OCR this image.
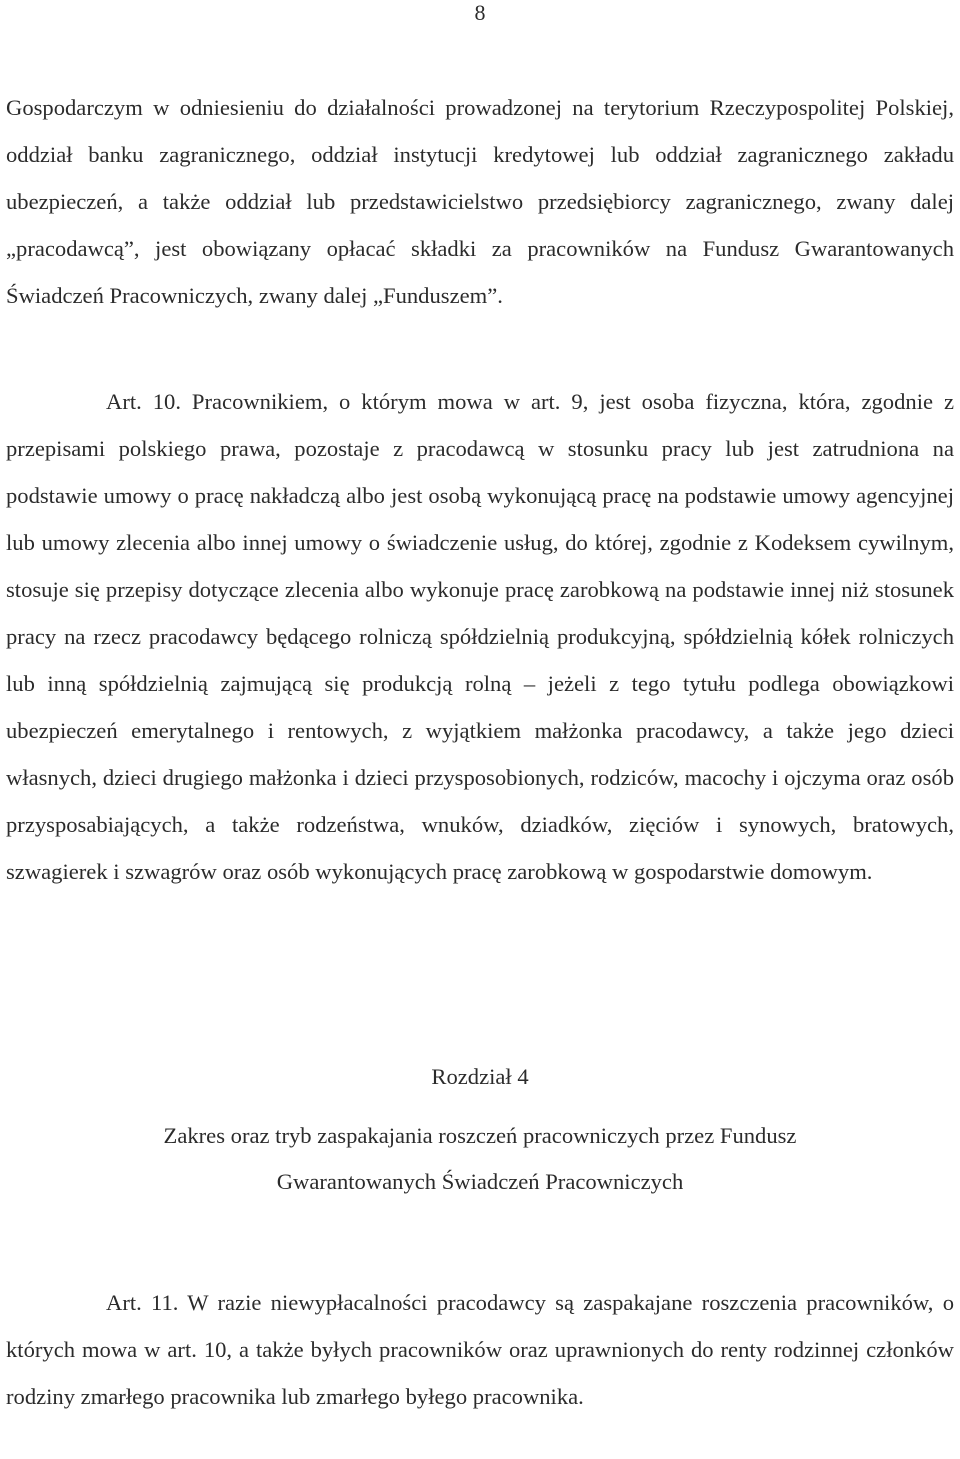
8

Gospodarczym w odniesieniu do działalności prowadzonej na terytorium Rzeczypospolitej Polskiej, oddział banku zagranicznego, oddział instytucji kredytowej lub oddział zagranicznego zakładu ubezpieczeń, a także oddział lub przedstawicielstwo przedsiębiorcy zagranicznego, zwany dalej „pracodawcą”, jest obowiązany opłacać składki za pracowników na Fundusz Gwarantowanych Świadczeń Pracowniczych, zwany dalej „Funduszem”.

Art. 10. Pracownikiem, o którym mowa w art. 9, jest osoba fizyczna, która, zgodnie z przepisami polskiego prawa, pozostaje z pracodawcą w stosunku pracy lub jest zatrudniona na podstawie umowy o pracę nakładczą albo jest osobą wykonującą pracę na podstawie umowy agencyjnej lub umowy zlecenia albo innej umowy o świadczenie usług, do której, zgodnie z Kodeksem cywilnym, stosuje się przepisy dotyczące zlecenia albo wykonuje pracę zarobkową na podstawie innej niż stosunek pracy na rzecz pracodawcy będącego rolniczą spółdzielnią produkcyjną, spółdzielnią kółek rolniczych lub inną spółdzielnią zajmującą się produkcją rolną – jeżeli z tego tytułu podlega obowiązkowi ubezpieczeń emerytalnego i rentowych, z wyjątkiem małżonka pracodawcy, a także jego dzieci własnych, dzieci drugiego małżonka i dzieci przysposobionych, rodziców, macochy i ojczyma oraz osób przysposabiających, a także rodzeństwa, wnuków, dziadków, zięciów i synowych, bratowych, szwagierek i szwagrów oraz osób wykonujących pracę zarobkową w gospodarstwie domowym.

Rozdział 4
Zakres oraz tryb zaspakajania roszczeń pracowniczych przez Fundusz
Gwarantowanych Świadczeń Pracowniczych

Art. 11. W razie niewypłacalności pracodawcy są zaspakajane roszczenia pracowników, o których mowa w art. 10, a także byłych pracowników oraz uprawnionych do renty rodzinnej członków rodziny zmarłego pracownika lub zmarłego byłego pracownika.
